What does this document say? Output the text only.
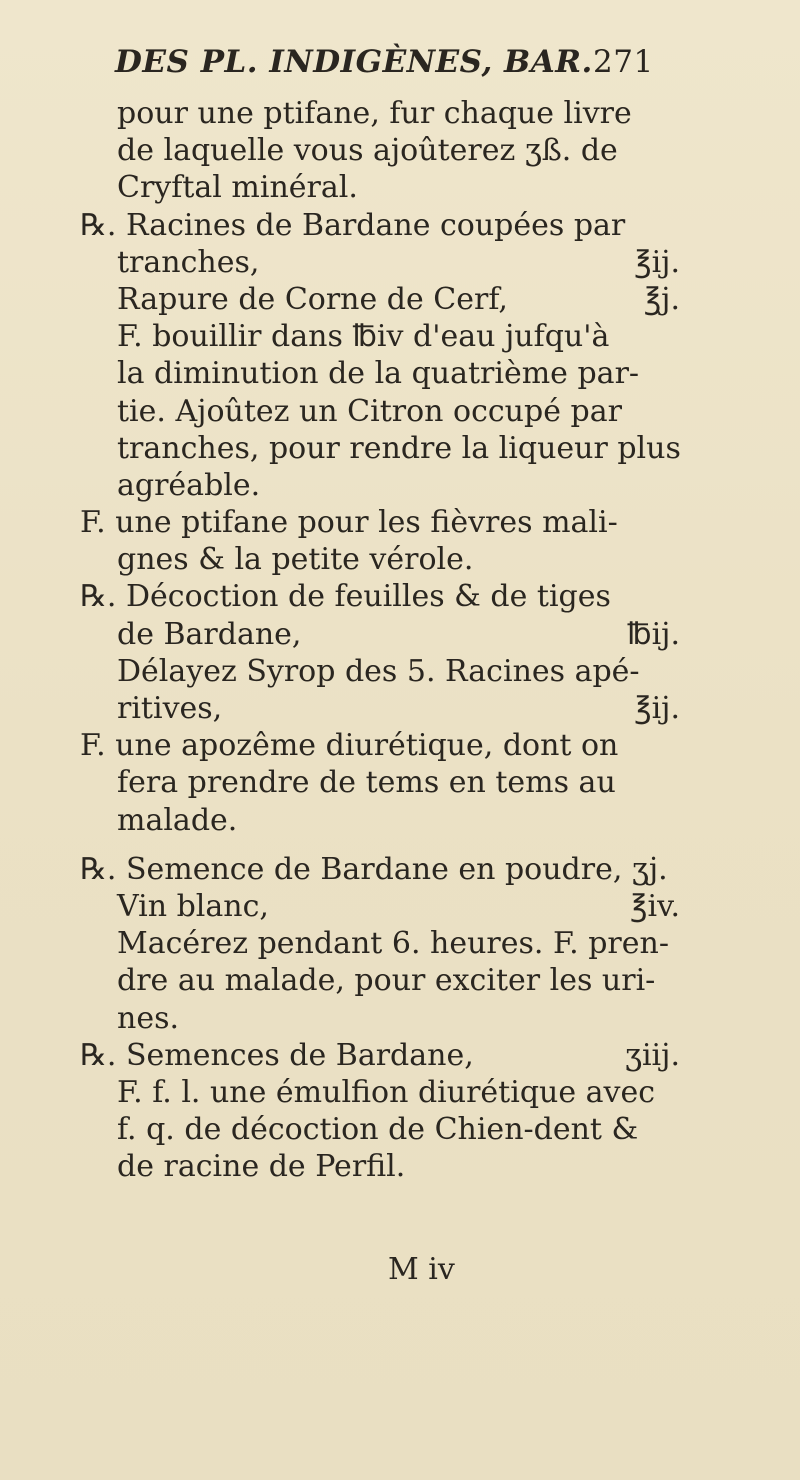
DES PL. INDIGÈNES, BAR. 271
pour une ptifane, fur chaque livre
de laquelle vous ajoûterez ʒß. de
Cryftal minéral.
℞. Racines de Bardane coupées par
tranches,	℥ij.
Rapure de Corne de Cerf,	℥j.
F. bouillir dans ℔iv d'eau jufqu'à
la diminution de la quatrième par-
tie. Ajoûtez un Citron occupé par
tranches, pour rendre la liqueur plus
agréable.
F. une ptifane pour les fièvres mali-
gnes & la petite vérole.
℞. Décoction de feuilles & de tiges
de Bardane,	℔ij.
Délayez Syrop des 5. Racines apé-
ritives,	℥ij.
F. une apozême diurétique, dont on
fera prendre de tems en tems au
malade.
℞. Semence de Bardane en poudre, ʒj.
Vin blanc,	℥iv.
Macérez pendant 6. heures. F. pren-
dre au malade, pour exciter les uri-
nes.
℞. Semences de Bardane,	ʒiij.
F. f. l. une émulfion diurétique avec
f. q. de décoction de Chien-dent &
de racine de Perfil.
M iv
